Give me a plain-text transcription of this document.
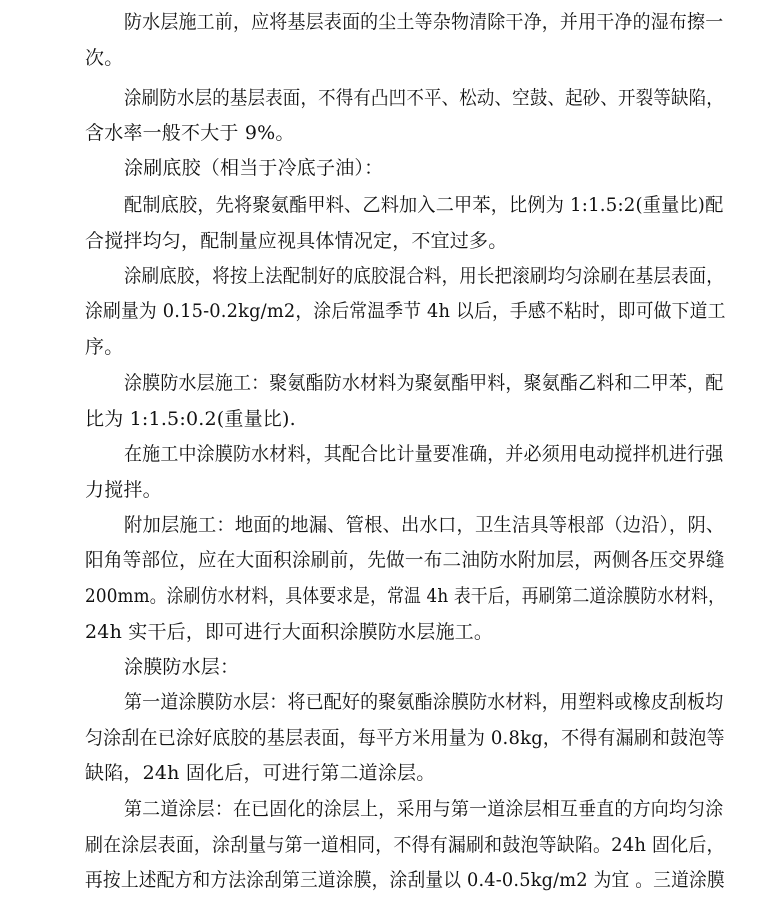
防水层施工前，应将基层表面的尘土等杂物清除干净，并用干净的湿布擦一
次。
涂刷防水层的基层表面，不得有凸凹不平、松动、空鼓、起砂、开裂等缺陷，
含水率一般不大于 9%。
涂刷底胶（相当于冷底子油）：
配制底胶，先将聚氨酯甲料、乙料加入二甲苯，比例为 1:1.5:2(重量比)配
合搅拌均匀，配制量应视具体情况定，不宜过多。
涂刷底胶，将按上法配制好的底胶混合料，用长把滚刷均匀涂刷在基层表面，
涂刷量为 0.15-0.2kg/m2，涂后常温季节 4h 以后，手感不粘时，即可做下道工
序。
涂膜防水层施工：聚氨酯防水材料为聚氨酯甲料，聚氨酯乙料和二甲苯，配
比为 1:1.5:0.2(重量比).
在施工中涂膜防水材料，其配合比计量要准确，并必须用电动搅拌机进行强
力搅拌。
附加层施工：地面的地漏、管根、出水口，卫生洁具等根部（边沿），阴、
阳角等部位，应在大面积涂刷前，先做一布二油防水附加层，两侧各压交界缝
200mm。涂刷仿水材料，具体要求是，常温 4h 表干后，再刷第二道涂膜防水材料，
24h 实干后，即可进行大面积涂膜防水层施工。
涂膜防水层：
第一道涂膜防水层：将已配好的聚氨酯涂膜防水材料，用塑料或橡皮刮板均
匀涂刮在已涂好底胶的基层表面，每平方米用量为 0.8kg，不得有漏刷和鼓泡等
缺陷，24h 固化后，可进行第二道涂层。
第二道涂层：在已固化的涂层上，采用与第一道涂层相互垂直的方向均匀涂
刷在涂层表面，涂刮量与第一道相同，不得有漏刷和鼓泡等缺陷。24h 固化后，
再按上述配方和方法涂刮第三道涂膜，涂刮量以 0.4-0.5kg/m2 为宜 。三道涂膜
